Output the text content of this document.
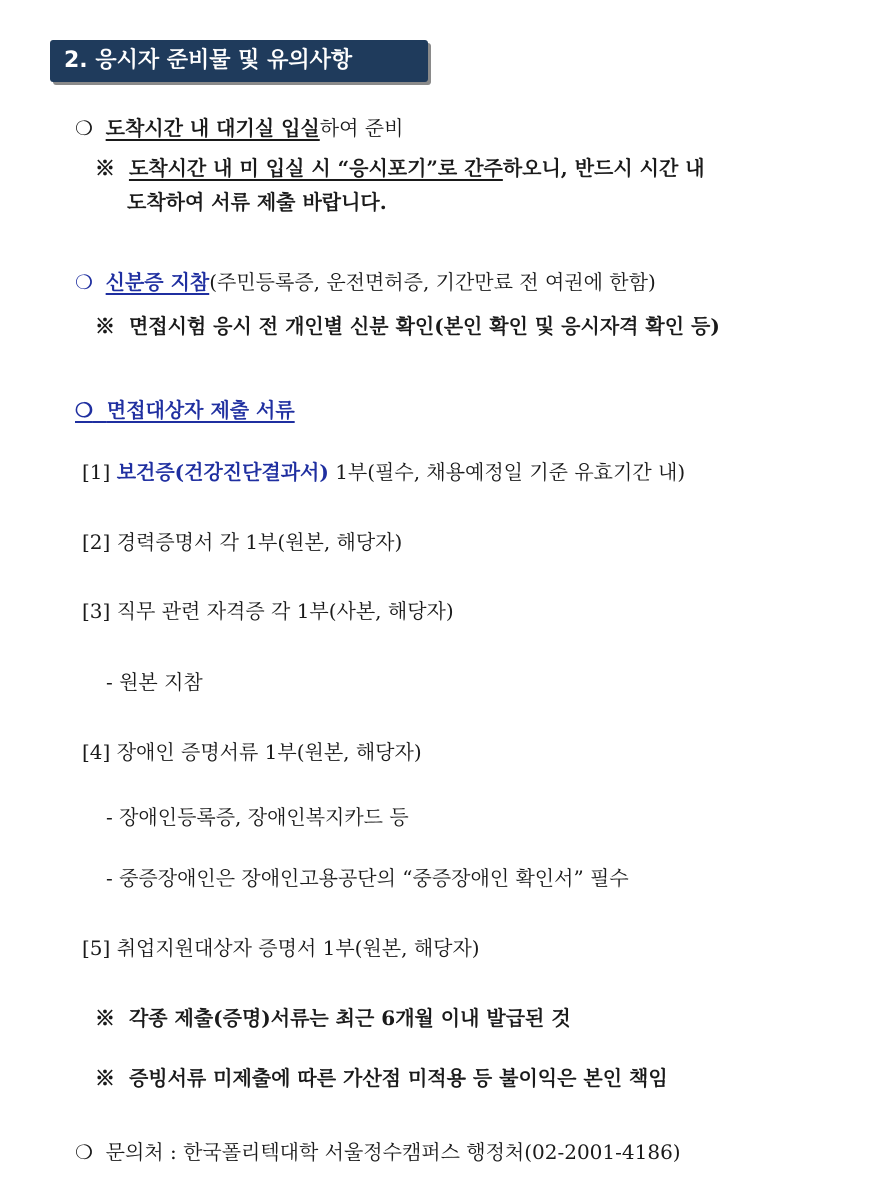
2. 응시자 준비물 및 유의사항
❍ 도착시간 내 대기실 입실하여 준비
※ 도착시간 내 미 입실 시 “응시포기”로 간주하오니, 반드시 시간 내
도착하여 서류 제출 바랍니다.
❍ 신분증 지참(주민등록증, 운전면허증, 기간만료 전 여권에 한함)
※ 면접시험 응시 전 개인별 신분 확인(본인 확인 및 응시자격 확인 등)
❍ 면접대상자 제출 서류
[1] 보건증(건강진단결과서) 1부(필수, 채용예정일 기준 유효기간 내)
[2] 경력증명서 각 1부(원본, 해당자)
[3] 직무 관련 자격증 각 1부(사본, 해당자)
- 원본 지참
[4] 장애인 증명서류 1부(원본, 해당자)
- 장애인등록증, 장애인복지카드 등
- 중증장애인은 장애인고용공단의 “중증장애인 확인서” 필수
[5] 취업지원대상자 증명서 1부(원본, 해당자)
※ 각종 제출(증명)서류는 최근 6개월 이내 발급된 것
※ 증빙서류 미제출에 따른 가산점 미적용 등 불이익은 본인 책임
❍ 문의처 : 한국폴리텍대학 서울정수캠퍼스 행정처(02-2001-4186)
